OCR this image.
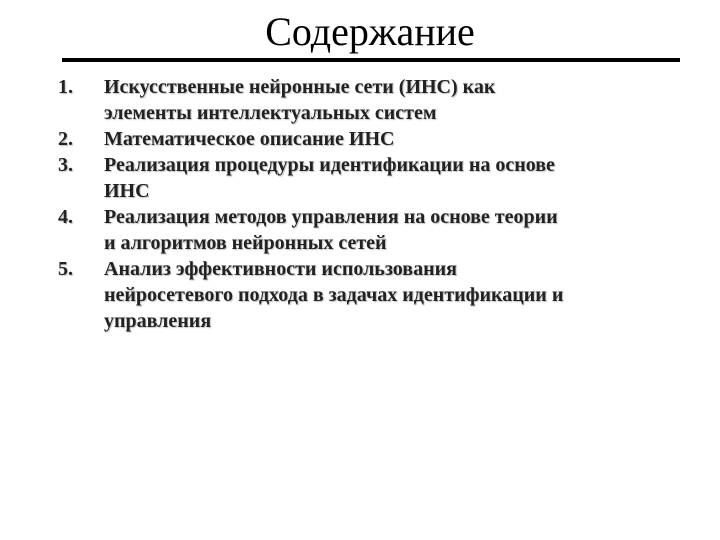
Содержание
1.	Искусственные нейронные сети (ИНС) как
элементы интеллектуальных систем
2.	Математическое описание ИНС
3.	Реализация процедуры идентификации на основе
ИНС
4.	Реализация методов управления на основе теории
и алгоритмов нейронных сетей
5.	Анализ эффективности использования
нейросетевого подхода в задачах идентификации и
управления
